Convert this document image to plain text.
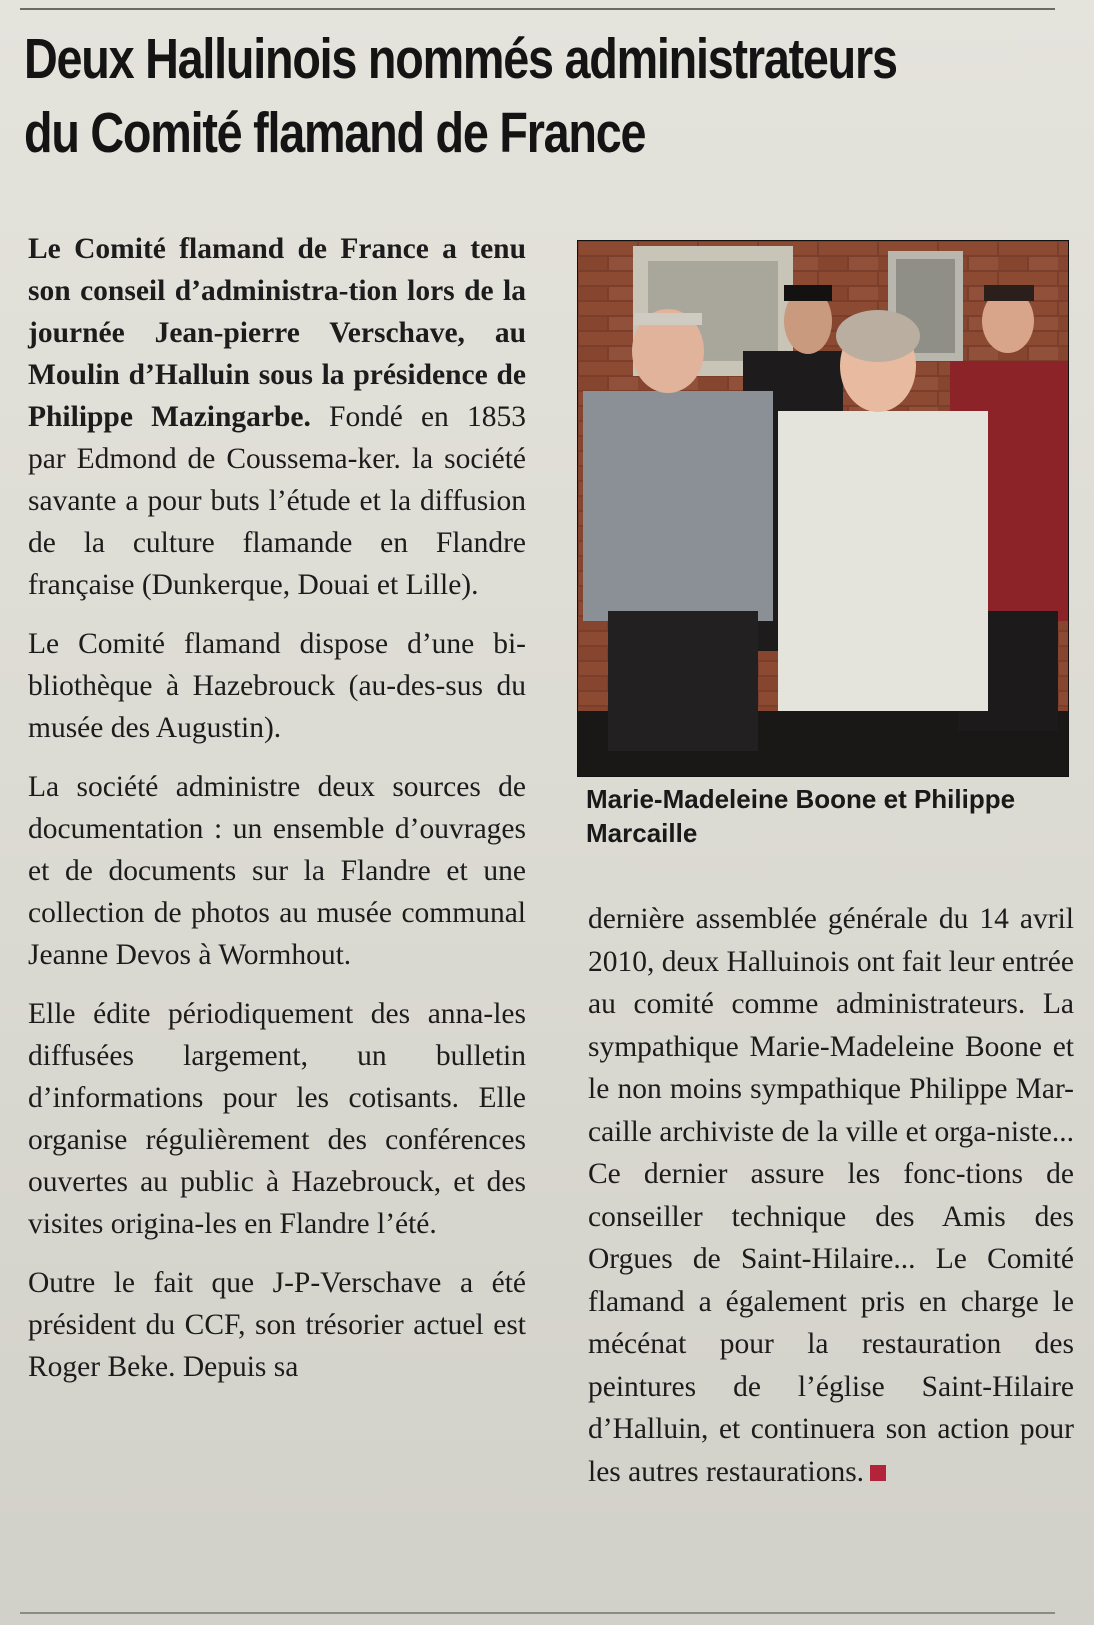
Deux Halluinois nommés administrateurs
du Comité flamand de France

Le Comité flamand de France a tenu son conseil d’administra-tion lors de la journée Jean-pierre Verschave, au Moulin d’Halluin sous la présidence de Philippe Mazingarbe. Fondé en 1853 par Edmond de Coussema-ker. la société savante a pour buts l’étude et la diffusion de la culture flamande en Flandre française (Dunkerque, Douai et Lille).

Le Comité flamand dispose d’une bi-bliothèque à Hazebrouck (au-des-sus du musée des Augustin).

La société administre deux sources de documentation : un ensemble d’ouvrages et de documents sur la Flandre et une collection de photos au musée communal Jeanne Devos à Wormhout.

Elle édite périodiquement des anna-les diffusées largement, un bulletin d’informations pour les cotisants. Elle organise régulièrement des conférences ouvertes au public à Hazebrouck, et des visites origina-les en Flandre l’été.

Outre le fait que J-P-Verschave a été président du CCF, son trésorier actuel est Roger Beke. Depuis sa

Marie-Madeleine Boone et Philippe Marcaille

dernière assemblée générale du 14 avril 2010, deux Halluinois ont fait leur entrée au comité comme administrateurs. La sympathique Marie-Madeleine Boone et le non moins sympathique Philippe Mar-caille archiviste de la ville et orga-niste... Ce dernier assure les fonc-tions de conseiller technique des Amis des Orgues de Saint-Hilaire... Le Comité flamand a également pris en charge le mécénat pour la restauration des peintures de l’église Saint-Hilaire d’Halluin, et continuera son action pour les autres restaurations.
